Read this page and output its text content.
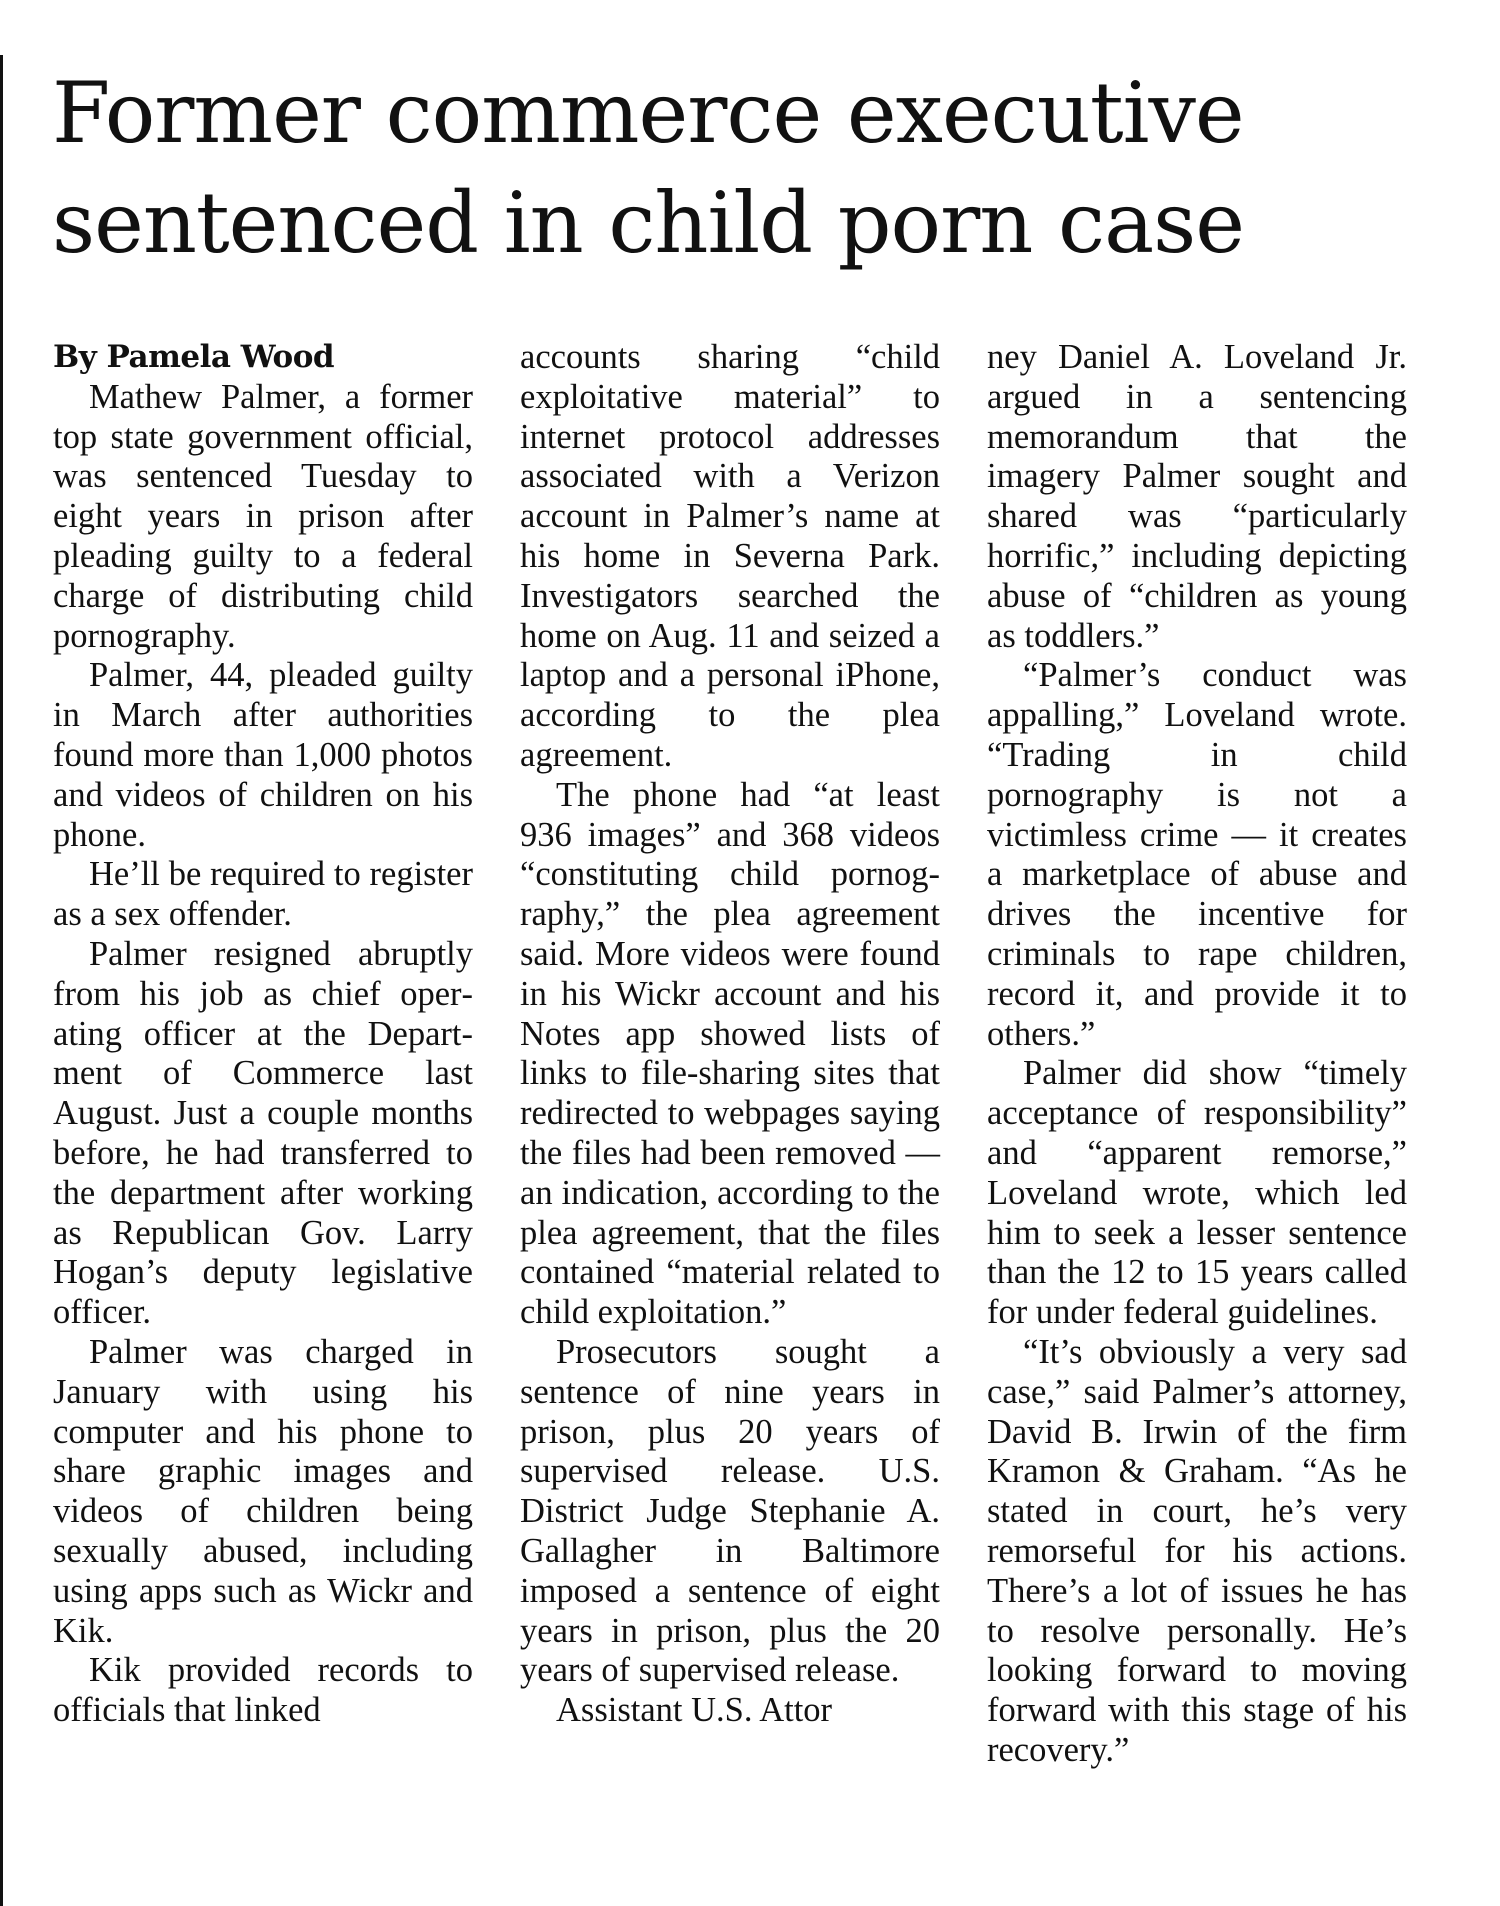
Former commerce executive sentenced in child porn case

By Pamela Wood

Mathew Palmer, a former top state government official, was sentenced Tuesday to eight years in prison after pleading guilty to a federal charge of distributing child pornography.

Palmer, 44, pleaded guilty in March after authorities found more than 1,000 photos and videos of children on his phone.

He’ll be required to register as a sex offender.

Palmer resigned abruptly from his job as chief operating officer at the Department of Commerce last August. Just a couple months before, he had transferred to the department after working as Republican Gov. Larry Hogan’s deputy legislative officer.

Palmer was charged in January with using his computer and his phone to share graphic images and videos of children being sexually abused, including using apps such as Wickr and Kik.

Kik provided records to officials that linked

accounts sharing “child exploitative material” to internet protocol addresses associated with a Verizon account in Palmer’s name at his home in Severna Park. Investigators searched the home on Aug. 11 and seized a laptop and a personal iPhone, according to the plea agreement.

The phone had “at least 936 images” and 368 videos “constituting child pornography,” the plea agreement said. More videos were found in his Wickr account and his Notes app showed lists of links to file-sharing sites that redirected to webpages saying the files had been removed — an indication, according to the plea agreement, that the files contained “material related to child exploitation.”

Prosecutors sought a sentence of nine years in prison, plus 20 years of supervised release. U.S. District Judge Stephanie A. Gallagher in Baltimore imposed a sentence of eight years in prison, plus the 20 years of supervised release.

Assistant U.S. Attor

ney Daniel A. Loveland Jr. argued in a sentencing memorandum that the imagery Palmer sought and shared was “particularly horrific,” including depicting abuse of “children as young as toddlers.”

“Palmer’s conduct was appalling,” Loveland wrote. “Trading in child pornography is not a victimless crime — it creates a marketplace of abuse and drives the incentive for criminals to rape children, record it, and provide it to others.”

Palmer did show “timely acceptance of responsibility” and “apparent remorse,” Loveland wrote, which led him to seek a lesser sentence than the 12 to 15 years called for under federal guidelines.

“It’s obviously a very sad case,” said Palmer’s attorney, David B. Irwin of the firm Kramon & Graham. “As he stated in court, he’s very remorseful for his actions. There’s a lot of issues he has to resolve personally. He’s looking forward to moving forward with this stage of his recovery.”
